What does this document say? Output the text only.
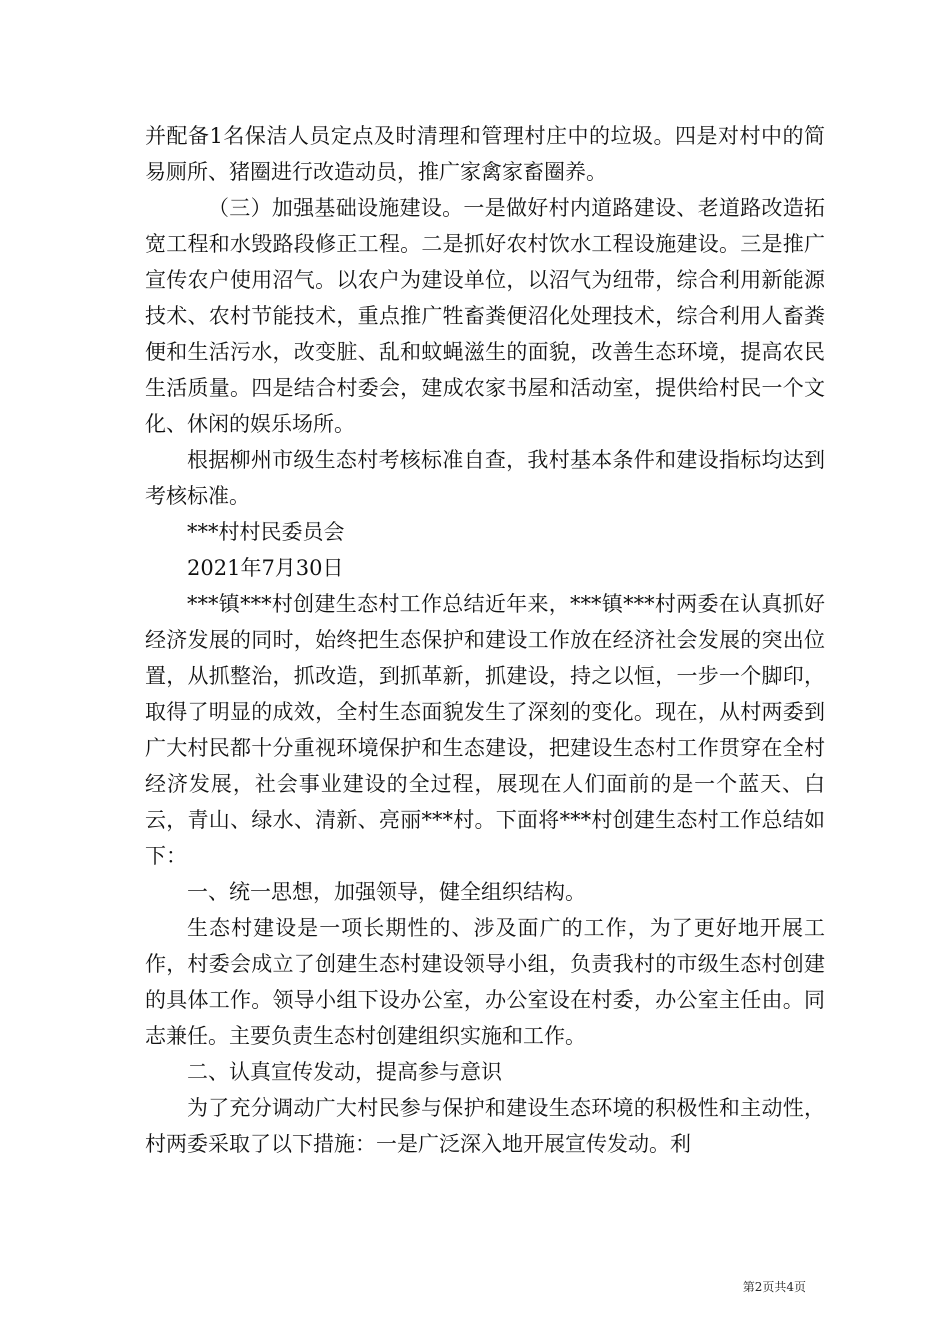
并配备1名保洁人员定点及时清理和管理村庄中的垃圾。四是对村中的简易厕所、猪圈进行改造动员，推广家禽家畜圈养。

（三）加强基础设施建设。一是做好村内道路建设、老道路改造拓宽工程和水毁路段修正工程。二是抓好农村饮水工程设施建设。三是推广宣传农户使用沼气。以农户为建设单位，以沼气为纽带，综合利用新能源技术、农村节能技术，重点推广牲畜粪便沼化处理技术，综合利用人畜粪便和生活污水，改变脏、乱和蚊蝇滋生的面貌，改善生态环境，提高农民生活质量。四是结合村委会，建成农家书屋和活动室，提供给村民一个文化、休闲的娱乐场所。

根据柳州市级生态村考核标准自查，我村基本条件和建设指标均达到考核标准。

***村村民委员会

2021年7月30日

***镇***村创建生态村工作总结近年来，***镇***村两委在认真抓好经济发展的同时，始终把生态保护和建设工作放在经济社会发展的突出位置，从抓整治，抓改造，到抓革新，抓建设，持之以恒，一步一个脚印，取得了明显的成效，全村生态面貌发生了深刻的变化。现在，从村两委到广大村民都十分重视环境保护和生态建设，把建设生态村工作贯穿在全村经济发展，社会事业建设的全过程，展现在人们面前的是一个蓝天、白云，青山、绿水、清新、亮丽***村。下面将***村创建生态村工作总结如下：

一、统一思想，加强领导，健全组织结构。

生态村建设是一项长期性的、涉及面广的工作，为了更好地开展工作，村委会成立了创建生态村建设领导小组，负责我村的市级生态村创建的具体工作。领导小组下设办公室，办公室设在村委，办公室主任由。同志兼任。主要负责生态村创建组织实施和工作。

二、认真宣传发动，提高参与意识

为了充分调动广大村民参与保护和建设生态环境的积极性和主动性，村两委采取了以下措施：一是广泛深入地开展宣传发动。利

第2页共4页
